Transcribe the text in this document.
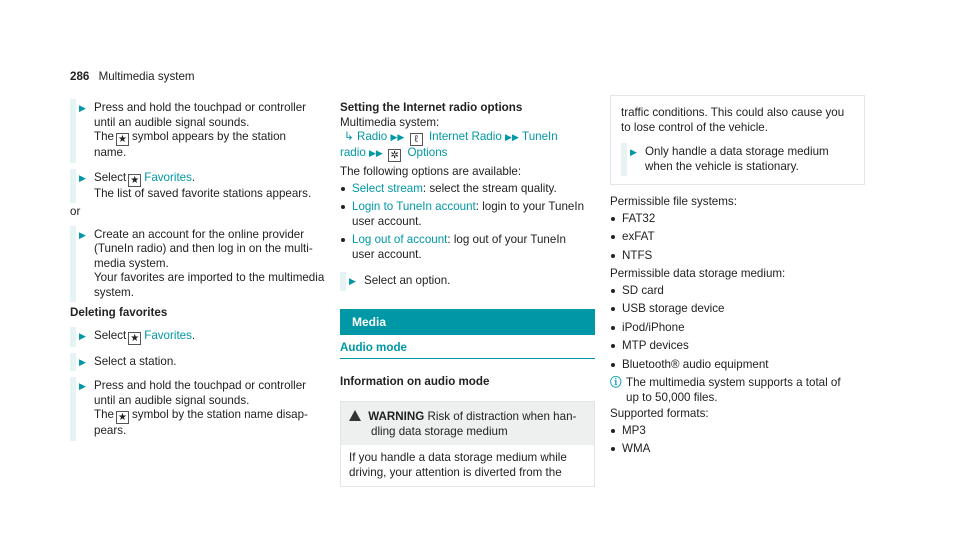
286 Multimedia system
▶ Press and hold the touchpad or controller
until an audible signal sounds.
The ★ symbol appears by the station
name.
▶ Select ★ Favorites.
The list of saved favorite stations appears.
or
▶ Create an account for the online provider
(TuneIn radio) and then log in on the multi-
media system.
Your favorites are imported to the multimedia
system.
Deleting favorites
▶ Select ★ Favorites.
▶ Select a station.
▶ Press and hold the touchpad or controller
until an audible signal sounds.
The ★ symbol by the station name disap-
pears.
Setting the Internet radio options
Multimedia system:
↳ Radio ▶▶ ℓ Internet Radio ▶▶ TuneIn
radio ▶▶ ✲ Options
The following options are available:
Select stream: select the stream quality.
Login to TuneIn account: login to your TuneIn
user account.
Log out of account: log out of your TuneIn
user account.
▶ Select an option.
Media
Audio mode
Information on audio mode
WARNING Risk of distraction when han-
dling data storage medium
If you handle a data storage medium while
driving, your attention is diverted from the
traffic conditions. This could also cause you
to lose control of the vehicle.
▶ Only handle a data storage medium
when the vehicle is stationary.
Permissible file systems:
FAT32
exFAT
NTFS
Permissible data storage medium:
SD card
USB storage device
iPod/iPhone
MTP devices
Bluetooth® audio equipment
ⓘ The multimedia system supports a total of
up to 50,000 files.
Supported formats:
MP3
WMA
